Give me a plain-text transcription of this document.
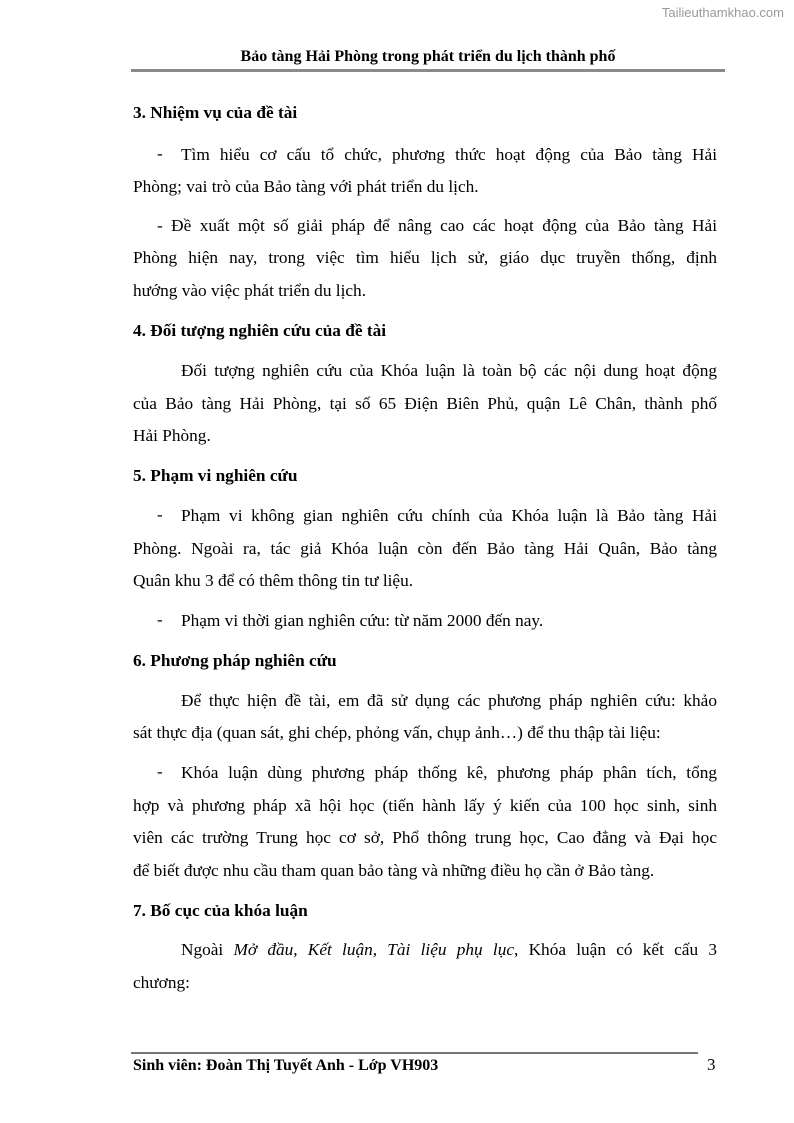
Tailieuthamkhao.com
Bảo tàng Hải Phòng trong phát triển du lịch thành phố
3. Nhiệm vụ của đề tài
- Tìm hiểu cơ cấu tổ chức, phương thức hoạt động của Bảo tàng Hải
Phòng; vai trò của Bảo tàng với phát triển du lịch.
- Đề xuất một số giải pháp để nâng cao các hoạt động của Bảo tàng Hải
Phòng hiện nay, trong việc tìm hiểu lịch sử, giáo dục truyền thống, định
hướng vào việc phát triển du lịch.
4. Đối tượng nghiên cứu của đề tài
Đối tượng nghiên cứu của Khóa luận là toàn bộ các nội dung hoạt động
của Bảo tàng Hải Phòng, tại số 65 Điện Biên Phủ, quận Lê Chân, thành phố
Hải Phòng.
5. Phạm vi nghiên cứu
- Phạm vi không gian nghiên cứu chính của Khóa luận là Bảo tàng Hải
Phòng. Ngoài ra, tác giả Khóa luận còn đến Bảo tàng Hải Quân, Bảo tàng
Quân khu 3 để có thêm thông tin tư liệu.
- Phạm vi thời gian nghiên cứu: từ năm 2000 đến nay.
6. Phương pháp nghiên cứu
Để thực hiện đề tài, em đã sử dụng các phương pháp nghiên cứu: khảo
sát thực địa (quan sát, ghi chép, phỏng vấn, chụp ảnh…) để thu thập tài liệu:
- Khóa luận dùng phương pháp thống kê, phương pháp phân tích, tổng
hợp và phương pháp xã hội học (tiến hành lấy ý kiến của 100 học sinh, sinh
viên các trường Trung học cơ sở, Phổ thông trung học, Cao đẳng và Đại học
để biết được nhu cầu tham quan bảo tàng và những điều họ cần ở Bảo tàng.
7. Bố cục của khóa luận
Ngoài Mở đầu, Kết luận, Tài liệu phụ lục, Khóa luận có kết cấu 3
chương:
Sinh viên: Đoàn Thị Tuyết Anh - Lớp VH903	3
